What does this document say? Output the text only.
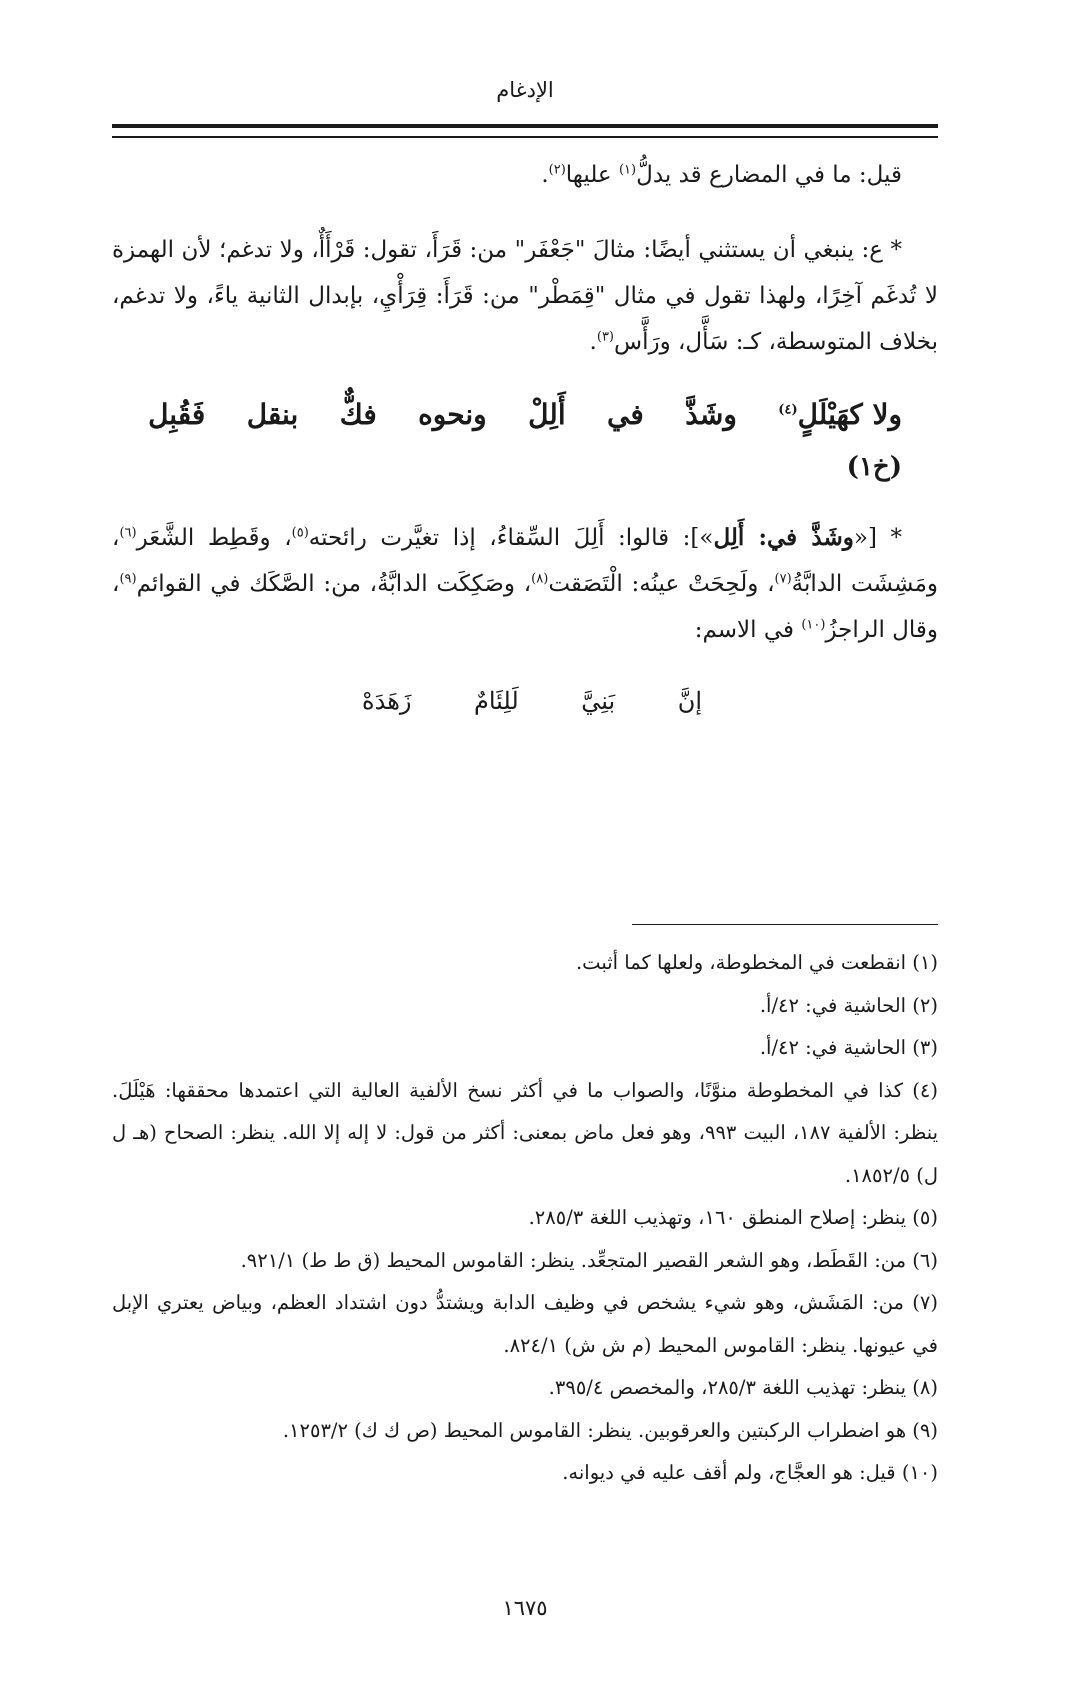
الإدغام
قيل: ما في المضارع قد يدلُّ$^{(١)}$ عليها$^{(٢)}$.
* ع: ينبغي أن يستثني أيضًا: مثالَ "جَعْفَر" من: قَرَأَ، تقول: قَرْأَأٌ، ولا تدغم؛ لأن الهمزة لا تُدغَم آخِرًا، ولهذا تقول في مثال "قِمَطْر" من: قَرَأَ: قِرَأْيِ، بإبدال الثانية ياءً، ولا تدغم، بخلاف المتوسطة، كـ: سَأَّل، ورَأَّس$^{(٣)}$.
ولا كهَيْلَلٍ$^{(٤)}$
وشَذَّ
في
أَلِلْ
ونحوه
فكٌّ
بنقل
فَقُبِل
(خ١)
* [«وشَذَّ في: أَلِل»]: قالوا: أَلِلَ السِّقاءُ، إذا تغيَّرت رائحته$^{(٥)}$، وقَطِط الشَّعَر$^{(٦)}$، ومَشِشَت الدابَّةُ$^{(٧)}$، ولَحِحَتْ عينُه: الْتَصَقت$^{(٨)}$، وصَكِكَت الدابَّةُ، من: الصَّكَك في القوائم$^{(٩)}$، وقال الراجزُ$^{(١٠)}$ في الاسم:
إنَّ
بَنِيَّ
لَلِئَامٌ
زَهَدَهْ
(١) انقطعت في المخطوطة، ولعلها كما أثبت.
(٢) الحاشية في: ٤٢/أ.
(٣) الحاشية في: ٤٢/أ.
(٤) كذا في المخطوطة منوَّنًا، والصواب ما في أكثر نسخ الألفية العالية التي اعتمدها محققها: هَيْلَلَ. ينظر: الألفية ١٨٧، البيت ٩٩٣، وهو فعل ماض بمعنى: أكثر من قول: لا إله إلا الله. ينظر: الصحاح (هـ ل ل) ١٨٥٢/٥.
(٥) ينظر: إصلاح المنطق ١٦٠، وتهذيب اللغة ٢٨٥/٣.
(٦) من: القَطَط، وهو الشعر القصير المتجعِّد. ينظر: القاموس المحيط (ق ط ط) ٩٢١/١.
(٧) من: المَشَش، وهو شيء يشخص في وظيف الدابة ويشتدُّ دون اشتداد العظم، وبياض يعتري الإبل في عيونها. ينظر: القاموس المحيط (م ش ش) ٨٢٤/١.
(٨) ينظر: تهذيب اللغة ٢٨٥/٣، والمخصص ٣٩٥/٤.
(٩) هو اضطراب الركبتين والعرقوبين. ينظر: القاموس المحيط (ص ك ك) ١٢٥٣/٢.
(١٠) قيل: هو العجَّاج، ولم أقف عليه في ديوانه.
١٦٧٥
